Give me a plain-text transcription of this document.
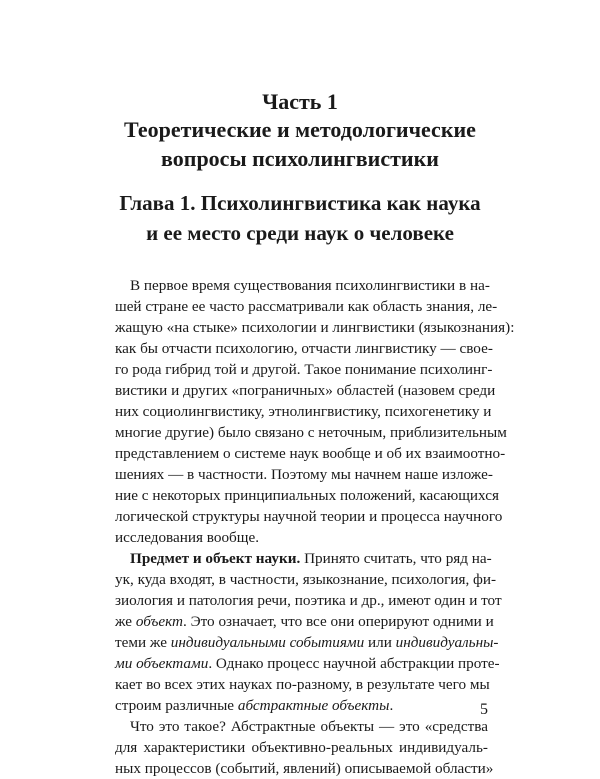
Часть 1
Теоретические и методологические
вопросы психолингвистики
Глава 1. Психолингвистика как наука
и ее место среди наук о человеке
В первое время существования психолингвистики в на-
шей стране ее часто рассматривали как область знания, ле-
жащую «на стыке» психологии и лингвистики (языкознания):
как бы отчасти психологию, отчасти лингвистику — свое-
го рода гибрид той и другой. Такое понимание психолинг-
вистики и других «пограничных» областей (назовем среди
них социолингвистику, этнолингвистику, психогенетику и
многие другие) было связано с неточным, приблизительным
представлением о системе наук вообще и об их взаимоотно-
шениях — в частности. Поэтому мы начнем наше изложе-
ние с некоторых принципиальных положений, касающихся
логической структуры научной теории и процесса научного
исследования вообще.
Предмет и объект науки. Принято считать, что ряд на-
ук, куда входят, в частности, языкознание, психология, фи-
зиология и патология речи, поэтика и др., имеют один и тот
же объект. Это означает, что все они оперируют одними и
теми же индивидуальными событиями или индивидуальны-
ми объектами. Однако процесс научной абстракции проте-
кает во всех этих науках по-разному, в результате чего мы
строим различные абстрактные объекты.
Что это такое? Абстрактные объекты — это «средства
для характеристики объективно-реальных индивидуаль-
ных процессов (событий, явлений) описываемой области»
5
